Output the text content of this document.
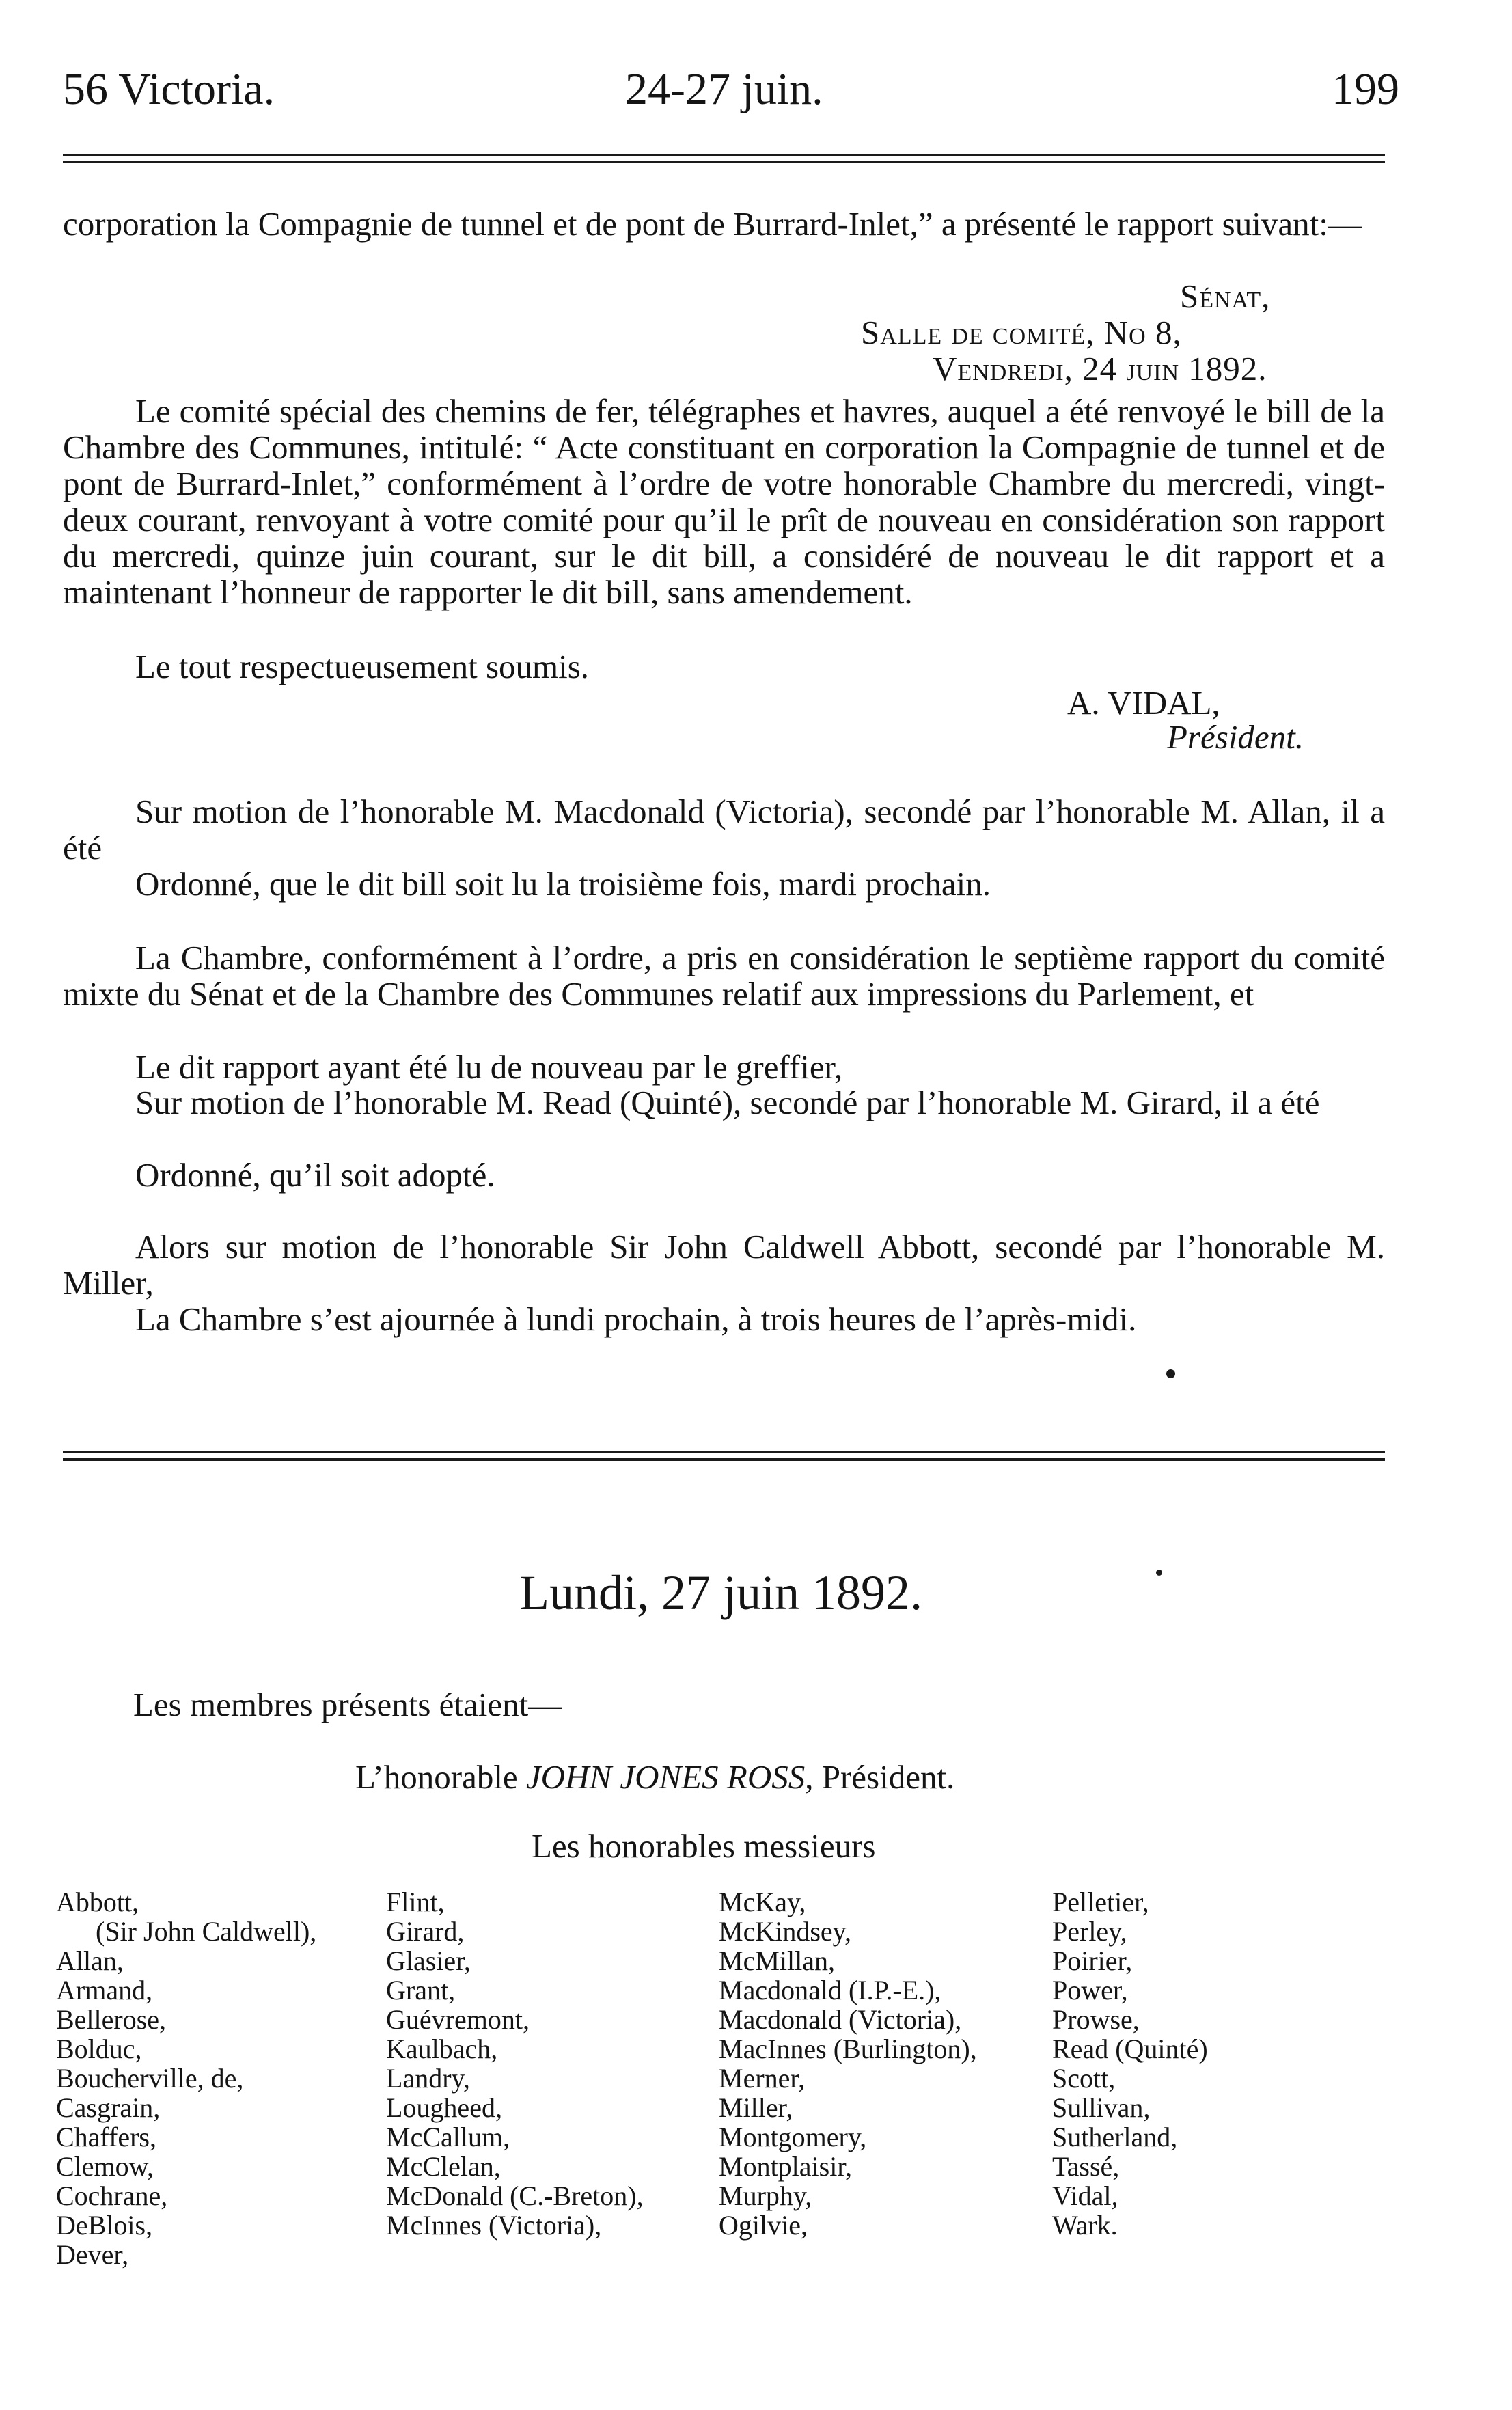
56 Victoria.	24-27 juin.	199

corporation la Compagnie de tunnel et de pont de Burrard-Inlet,” a présenté le rapport suivant:—

Sénat,
Salle de comité, No 8,
Vendredi, 24 juin 1892.

Le comité spécial des chemins de fer, télégraphes et havres, auquel a été renvoyé le bill de la Chambre des Communes, intitulé: “ Acte constituant en corporation la Compagnie de tunnel et de pont de Burrard-Inlet,” conformément à l’ordre de votre honorable Chambre du mercredi, vingt-deux courant, renvoyant à votre comité pour qu’il le prît de nouveau en considération son rapport du mercredi, quinze juin courant, sur le dit bill, a considéré de nouveau le dit rapport et a maintenant l’honneur de rapporter le dit bill, sans amendement.

Le tout respectueusement soumis.

A. VIDAL,
Président.

Sur motion de l’honorable M. Macdonald (Victoria), secondé par l’honorable M. Allan, il a été

Ordonné, que le dit bill soit lu la troisième fois, mardi prochain.

La Chambre, conformément à l’ordre, a pris en considération le septième rapport du comité mixte du Sénat et de la Chambre des Communes relatif aux impressions du Parlement, et

Le dit rapport ayant été lu de nouveau par le greffier,

Sur motion de l’honorable M. Read (Quinté), secondé par l’honorable M. Girard, il a été

Ordonné, qu’il soit adopté.

Alors sur motion de l’honorable Sir John Caldwell Abbott, secondé par l’honorable M. Miller,

La Chambre s’est ajournée à lundi prochain, à trois heures de l’après-midi.

Lundi, 27 juin 1892.
Les membres présents étaient—
L’honorable JOHN JONES ROSS, Président.
Les honorables messieurs
Abbott,
(Sir John Caldwell),
Allan,
Armand,
Bellerose,
Bolduc,
Boucherville, de,
Casgrain,
Chaffers,
Clemow,
Cochrane,
DeBlois,
Dever,
Flint,
Girard,
Glasier,
Grant,
Guévremont,
Kaulbach,
Landry,
Lougheed,
McCallum,
McClelan,
McDonald (C.-Breton),
McInnes (Victoria),
McKay,
McKindsey,
McMillan,
Macdonald (I.P.-E.),
Macdonald (Victoria),
MacInnes (Burlington),
Merner,
Miller,
Montgomery,
Montplaisir,
Murphy,
Ogilvie,
Pelletier,
Perley,
Poirier,
Power,
Prowse,
Read (Quinté)
Scott,
Sullivan,
Sutherland,
Tassé,
Vidal,
Wark.
